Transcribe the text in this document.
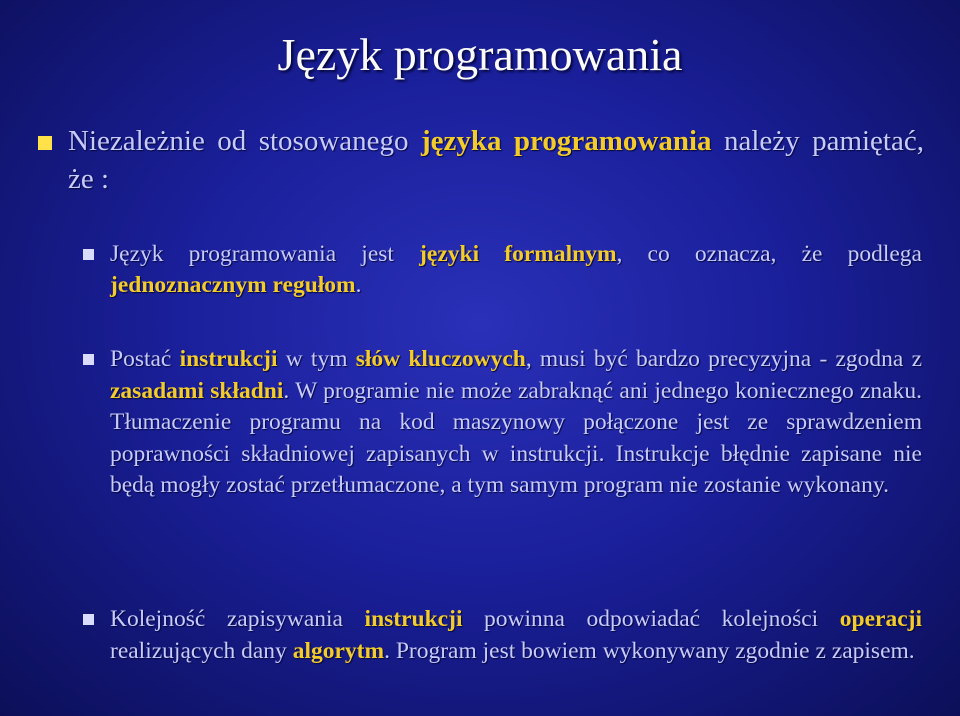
Język programowania
Niezależnie od stosowanego języka programowania należy pamiętać, że :
Język programowania jest języki formalnym, co oznacza, że podlega jednoznacznym regułom.
Postać instrukcji w tym słów kluczowych, musi być bardzo precyzyjna - zgodna z zasadami składni. W programie nie może zabraknąć ani jednego koniecznego znaku. Tłumaczenie programu na kod maszynowy połączone jest ze sprawdzeniem poprawności składniowej zapisanych w instrukcji. Instrukcje błędnie zapisane nie będą mogły zostać przetłumaczone, a tym samym program nie zostanie wykonany.
Kolejność zapisywania instrukcji powinna odpowiadać kolejności operacji realizujących dany algorytm. Program jest bowiem wykonywany zgodnie z zapisem.
